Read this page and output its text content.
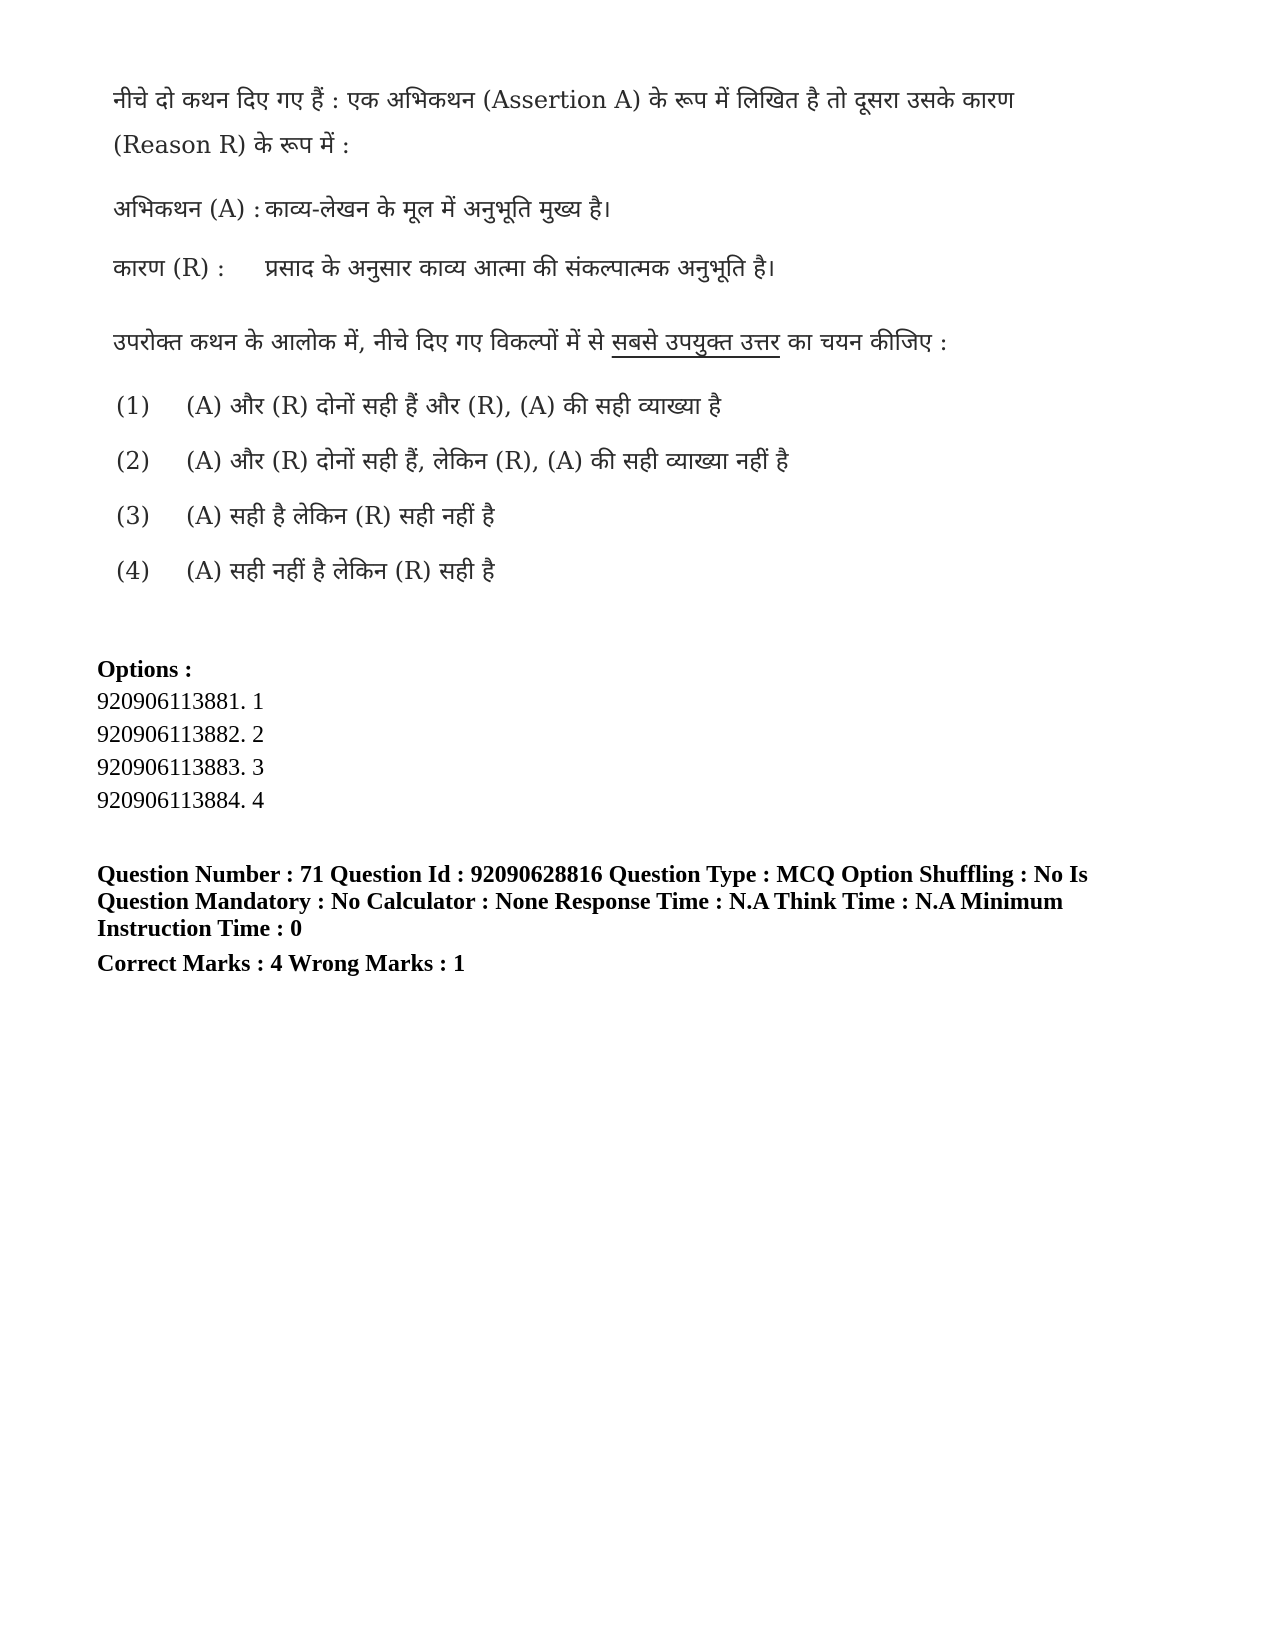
नीचे दो कथन दिए गए हैं : एक अभिकथन (Assertion A) के रूप में लिखित है तो दूसरा उसके कारण
(Reason R) के रूप में :

अभिकथन (A) : काव्य-लेखन के मूल में अनुभूति मुख्य है।
कारण (R) :	प्रसाद के अनुसार काव्य आत्मा की संकल्पात्मक अनुभूति है।
उपरोक्त कथन के आलोक में, नीचे दिए गए विकल्पों में से सबसे उपयुक्त उत्तर का चयन कीजिए :
(1)	(A) और (R) दोनों सही हैं और (R), (A) की सही व्याख्या है
(2)	(A) और (R) दोनों सही हैं, लेकिन (R), (A) की सही व्याख्या नहीं है
(3)	(A) सही है लेकिन (R) सही नहीं है
(4)	(A) सही नहीं है लेकिन (R) सही है
Options :
920906113881. 1
920906113882. 2
920906113883. 3
920906113884. 4
Question Number : 71 Question Id : 92090628816 Question Type : MCQ Option Shuffling : No Is
Question Mandatory : No Calculator : None Response Time : N.A Think Time : N.A Minimum
Instruction Time : 0
Correct Marks : 4 Wrong Marks : 1
